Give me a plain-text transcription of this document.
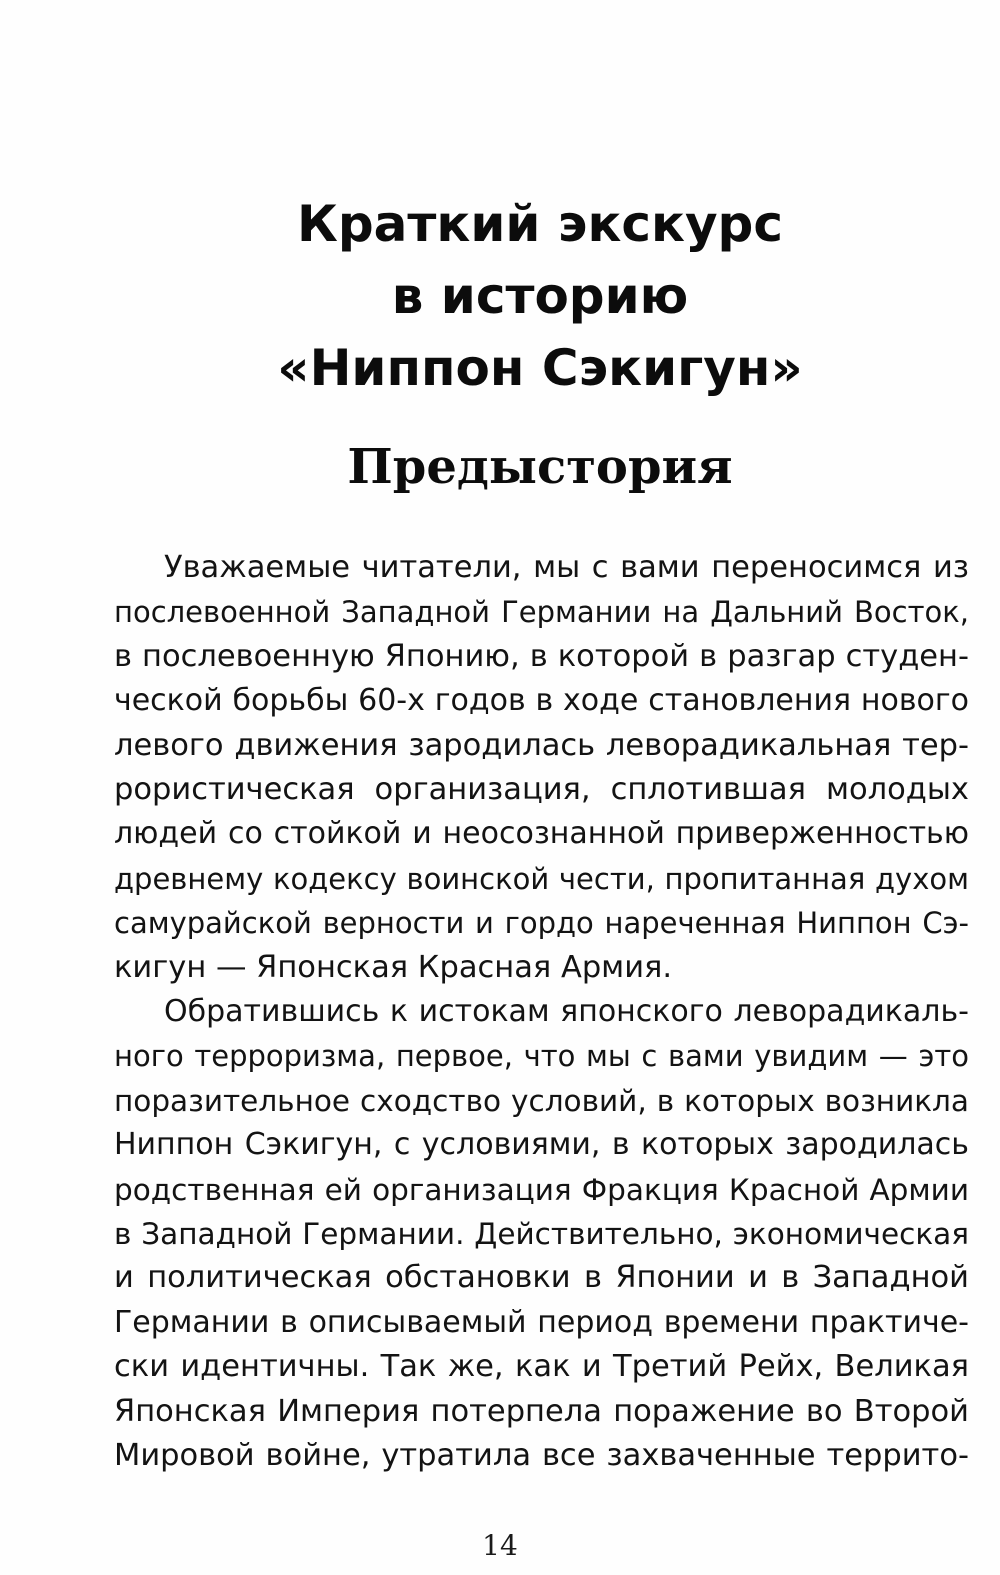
Краткий экскурс
в историю
«Ниппон Сэкигун»
Предыстория
Уважаемые читатели, мы с вами переносимся из
послевоенной Западной Германии на Дальний Восток,
в послевоенную Японию, в которой в разгар студен-
ческой борьбы 60-х годов в ходе становления нового
левого движения зародилась леворадикальная тер-
рористическая организация, сплотившая молодых
людей со стойкой и неосознанной приверженностью
древнему кодексу воинской чести, пропитанная духом
самурайской верности и гордо нареченная Ниппон Сэ-
кигун — Японская Красная Армия.
Обратившись к истокам японского леворадикаль-
ного терроризма, первое, что мы с вами увидим — это
поразительное сходство условий, в которых возникла
Ниппон Сэкигун, с условиями, в которых зародилась
родственная ей организация Фракция Красной Армии
в Западной Германии. Действительно, экономическая
и политическая обстановки в Японии и в Западной
Германии в описываемый период времени практиче-
ски идентичны. Так же, как и Третий Рейх, Великая
Японская Империя потерпела поражение во Второй
Мировой войне, утратила все захваченные террито-
14
